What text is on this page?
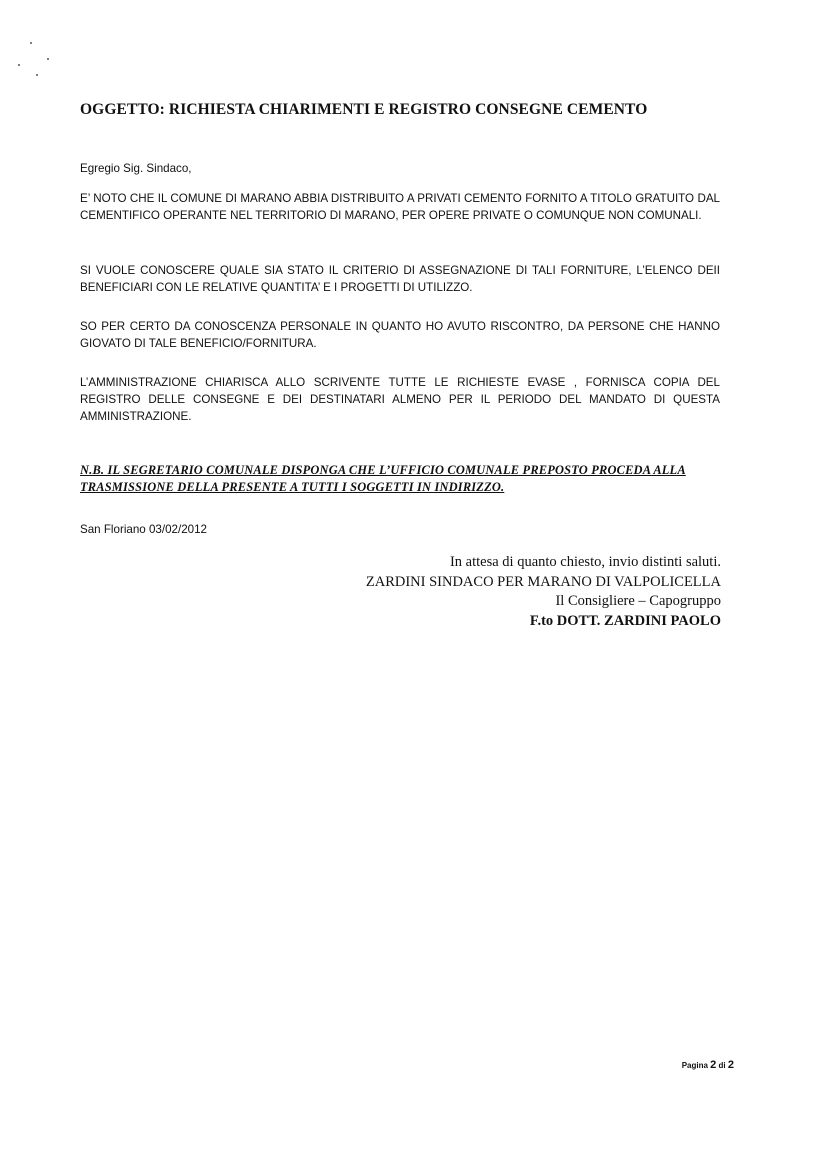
OGGETTO: RICHIESTA CHIARIMENTI E REGISTRO CONSEGNE CEMENTO
Egregio Sig. Sindaco,

E’ NOTO CHE IL COMUNE DI MARANO ABBIA DISTRIBUITO A PRIVATI CEMENTO FORNITO A TITOLO GRATUITO DAL CEMENTIFICO OPERANTE NEL TERRITORIO DI MARANO, PER OPERE PRIVATE O COMUNQUE NON COMUNALI.

SI VUOLE CONOSCERE QUALE SIA STATO IL CRITERIO DI ASSEGNAZIONE DI TALI FORNITURE, L’ELENCO DEII BENEFICIARI CON LE RELATIVE QUANTITA’ E I PROGETTI DI UTILIZZO.

SO PER CERTO DA CONOSCENZA PERSONALE IN QUANTO HO AVUTO RISCONTRO, DA PERSONE CHE HANNO GIOVATO DI TALE BENEFICIO/FORNITURA.

L’AMMINISTRAZIONE CHIARISCA ALLO SCRIVENTE TUTTE LE RICHIESTE EVASE , FORNISCA COPIA DEL REGISTRO DELLE CONSEGNE E DEI DESTINATARI ALMENO PER IL PERIODO DEL MANDATO DI QUESTA AMMINISTRAZIONE.

N.B. IL SEGRETARIO COMUNALE DISPONGA CHE L’UFFICIO COMUNALE PREPOSTO PROCEDA ALLA TRASMISSIONE DELLA PRESENTE A TUTTI I SOGGETTI IN INDIRIZZO.

San Floriano 03/02/2012
In attesa di quanto chiesto, invio distinti saluti.
ZARDINI SINDACO PER MARANO DI VALPOLICELLA
Il Consigliere – Capogruppo
F.to DOTT. ZARDINI PAOLO
Pagina 2 di 2
